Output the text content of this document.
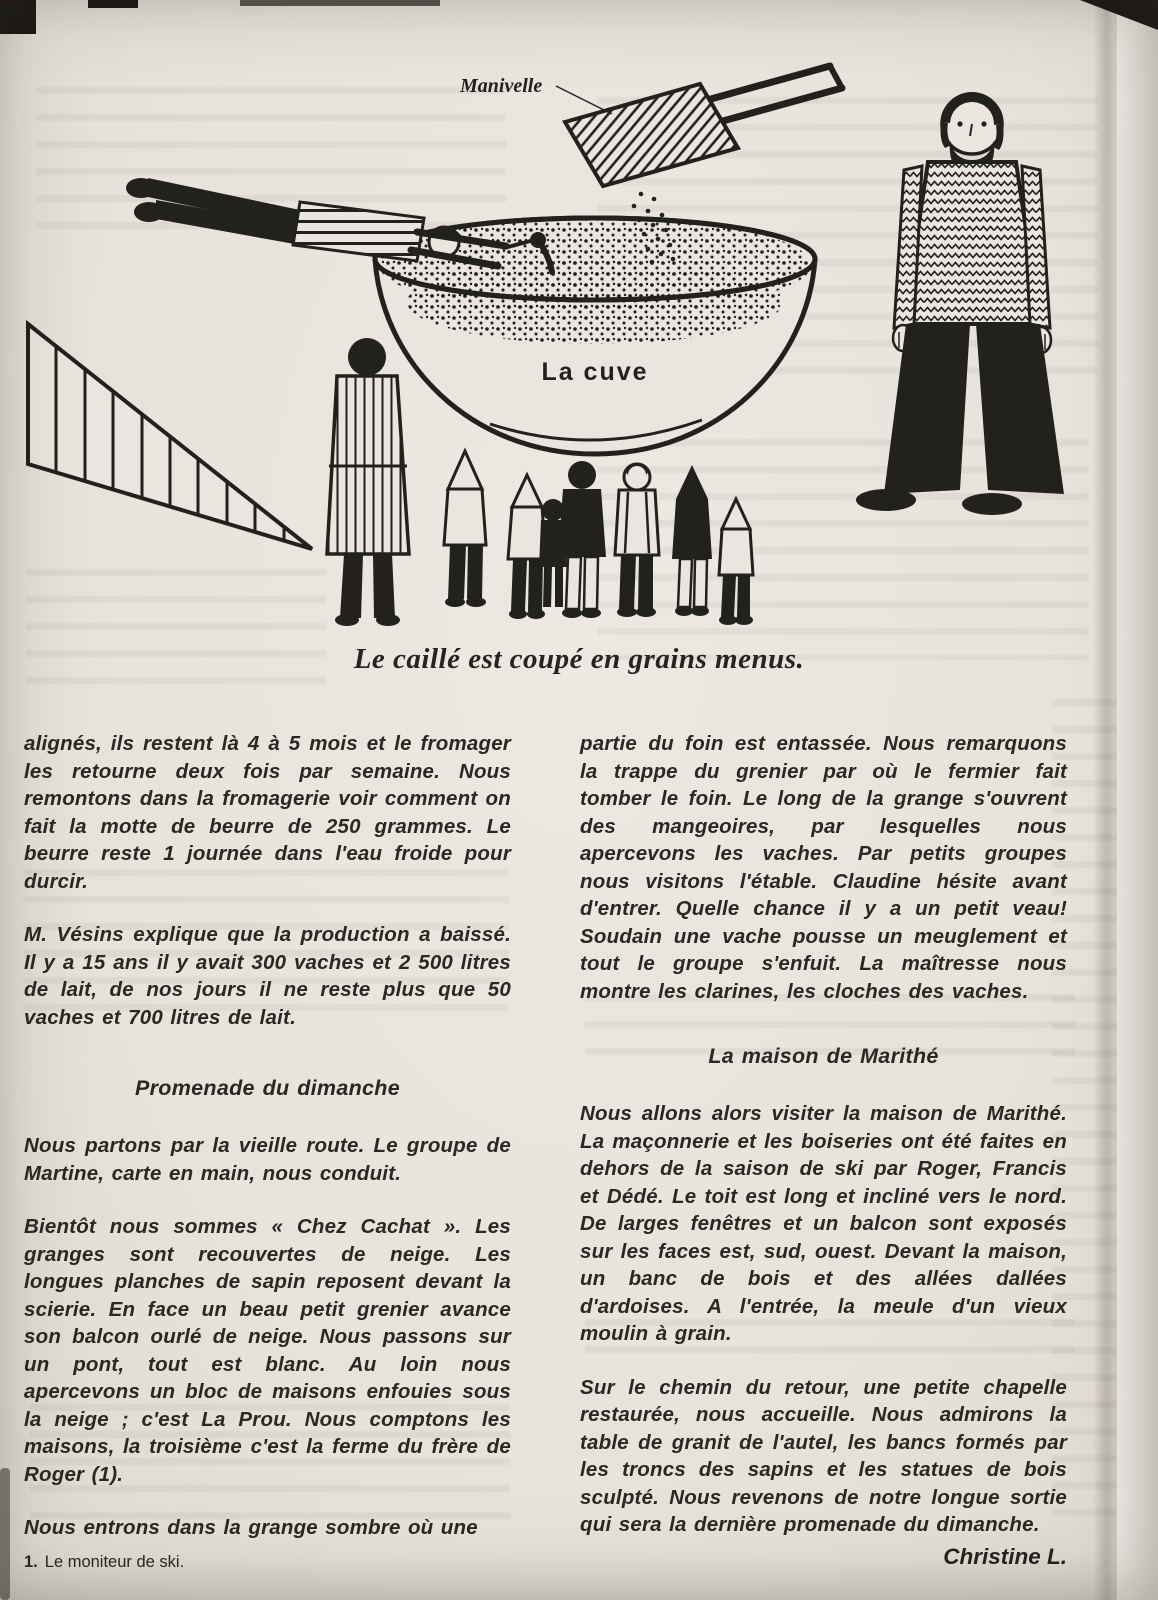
Manivelle
La cuve
Le caillé est coupé en grains menus.

alignés, ils restent là 4 à 5 mois et le fromager les retourne deux fois par semaine. Nous remontons dans la fromagerie voir comment on fait la motte de beurre de 250 grammes. Le beurre reste 1 journée dans l'eau froide pour durcir.

M. Vésins explique que la production a baissé. Il y a 15 ans il y avait 300 vaches et 2 500 litres de lait, de nos jours il ne reste plus que 50 vaches et 700 litres de lait.

Promenade du dimanche

Nous partons par la vieille route. Le groupe de Martine, carte en main, nous conduit.

Bientôt nous sommes « Chez Cachat ». Les granges sont recouvertes de neige. Les longues planches de sapin reposent devant la scierie. En face un beau petit grenier avance son balcon ourlé de neige. Nous passons sur un pont, tout est blanc. Au loin nous apercevons un bloc de maisons enfouies sous la neige ; c'est La Prou. Nous comptons les maisons, la troisième c'est la ferme du frère de Roger (1).

Nous entrons dans la grange sombre où une

partie du foin est entassée. Nous remarquons la trappe du grenier par où le fermier fait tomber le foin. Le long de la grange s'ouvrent des mangeoires, par lesquelles nous apercevons les vaches. Par petits groupes nous visitons l'étable. Claudine hésite avant d'entrer. Quelle chance il y a un petit veau! Soudain une vache pousse un meuglement et tout le groupe s'enfuit. La maîtresse nous montre les clarines, les cloches des vaches.

La maison de Marithé

Nous allons alors visiter la maison de Marithé. La maçonnerie et les boiseries ont été faites en dehors de la saison de ski par Roger, Francis et Dédé. Le toit est long et incliné vers le nord. De larges fenêtres et un balcon sont exposés sur les faces est, sud, ouest. Devant la maison, un banc de bois et des allées dallées d'ardoises. A l'entrée, la meule d'un vieux moulin à grain.

Sur le chemin du retour, une petite chapelle restaurée, nous accueille. Nous admirons la table de granit de l'autel, les bancs formés par les troncs des sapins et les statues de bois sculpté. Nous revenons de notre longue sortie qui sera la dernière promenade du dimanche.

1. Le moniteur de ski.	Christine L.
